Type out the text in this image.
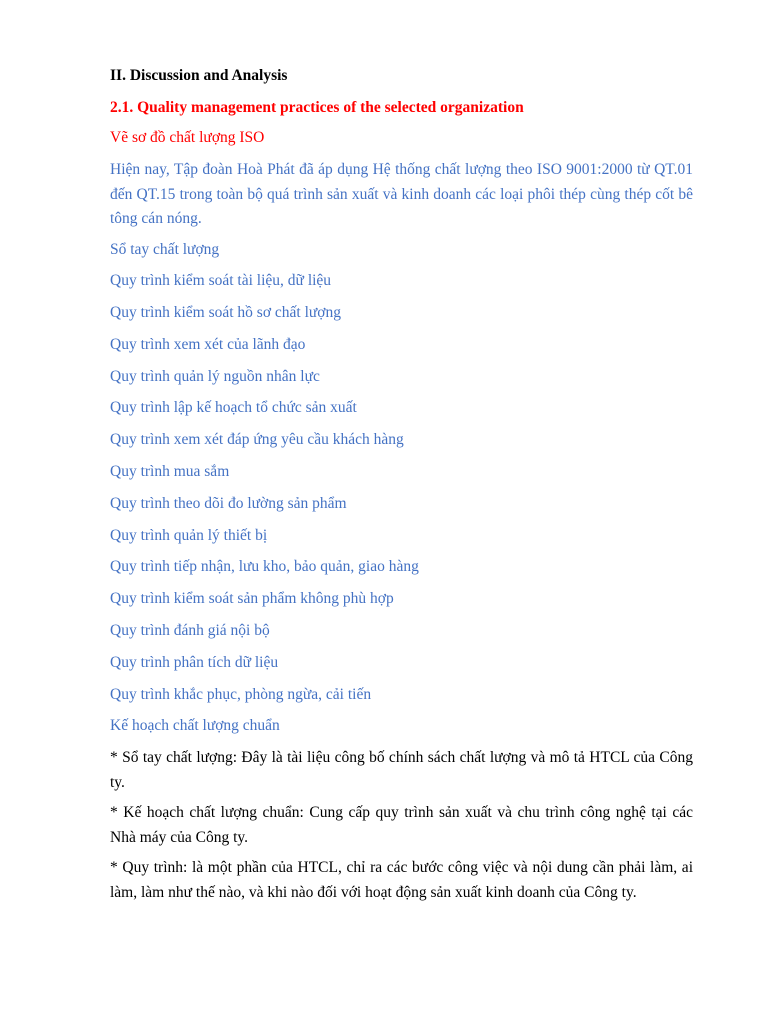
II. Discussion and Analysis
2.1. Quality management practices of the selected organization
Vẽ sơ đồ chất lượng ISO

Hiện nay, Tập đoàn Hoà Phát đã áp dụng Hệ thống chất lượng theo ISO 9001:2000 từ QT.01 đến QT.15 trong toàn bộ quá trình sản xuất và kinh doanh các loại phôi thép cùng thép cốt bê tông cán nóng.

Sổ tay chất lượng
Quy trình kiểm soát tài liệu, dữ liệu
Quy trình kiểm soát hồ sơ chất lượng
Quy trình xem xét của lãnh đạo
Quy trình quản lý nguồn nhân lực
Quy trình lập kế hoạch tổ chức sản xuất
Quy trình xem xét đáp ứng yêu cầu khách hàng
Quy trình mua sắm
Quy trình theo dõi đo lường sản phẩm
Quy trình quản lý thiết bị
Quy trình tiếp nhận, lưu kho, bảo quản, giao hàng
Quy trình kiểm soát sản phẩm không phù hợp
Quy trình đánh giá nội bộ
Quy trình phân tích dữ liệu
Quy trình khắc phục, phòng ngừa, cải tiến
Kế hoạch chất lượng chuẩn

* Sổ tay chất lượng: Đây là tài liệu công bố chính sách chất lượng và mô tả HTCL của Công ty.

* Kế hoạch chất lượng chuẩn: Cung cấp quy trình sản xuất và chu trình công nghệ tại các Nhà máy của Công ty.

* Quy trình: là một phần của HTCL, chỉ ra các bước công việc và nội dung cần phải làm, ai làm, làm như thế nào, và khi nào đối với hoạt động sản xuất kinh doanh của Công ty.
